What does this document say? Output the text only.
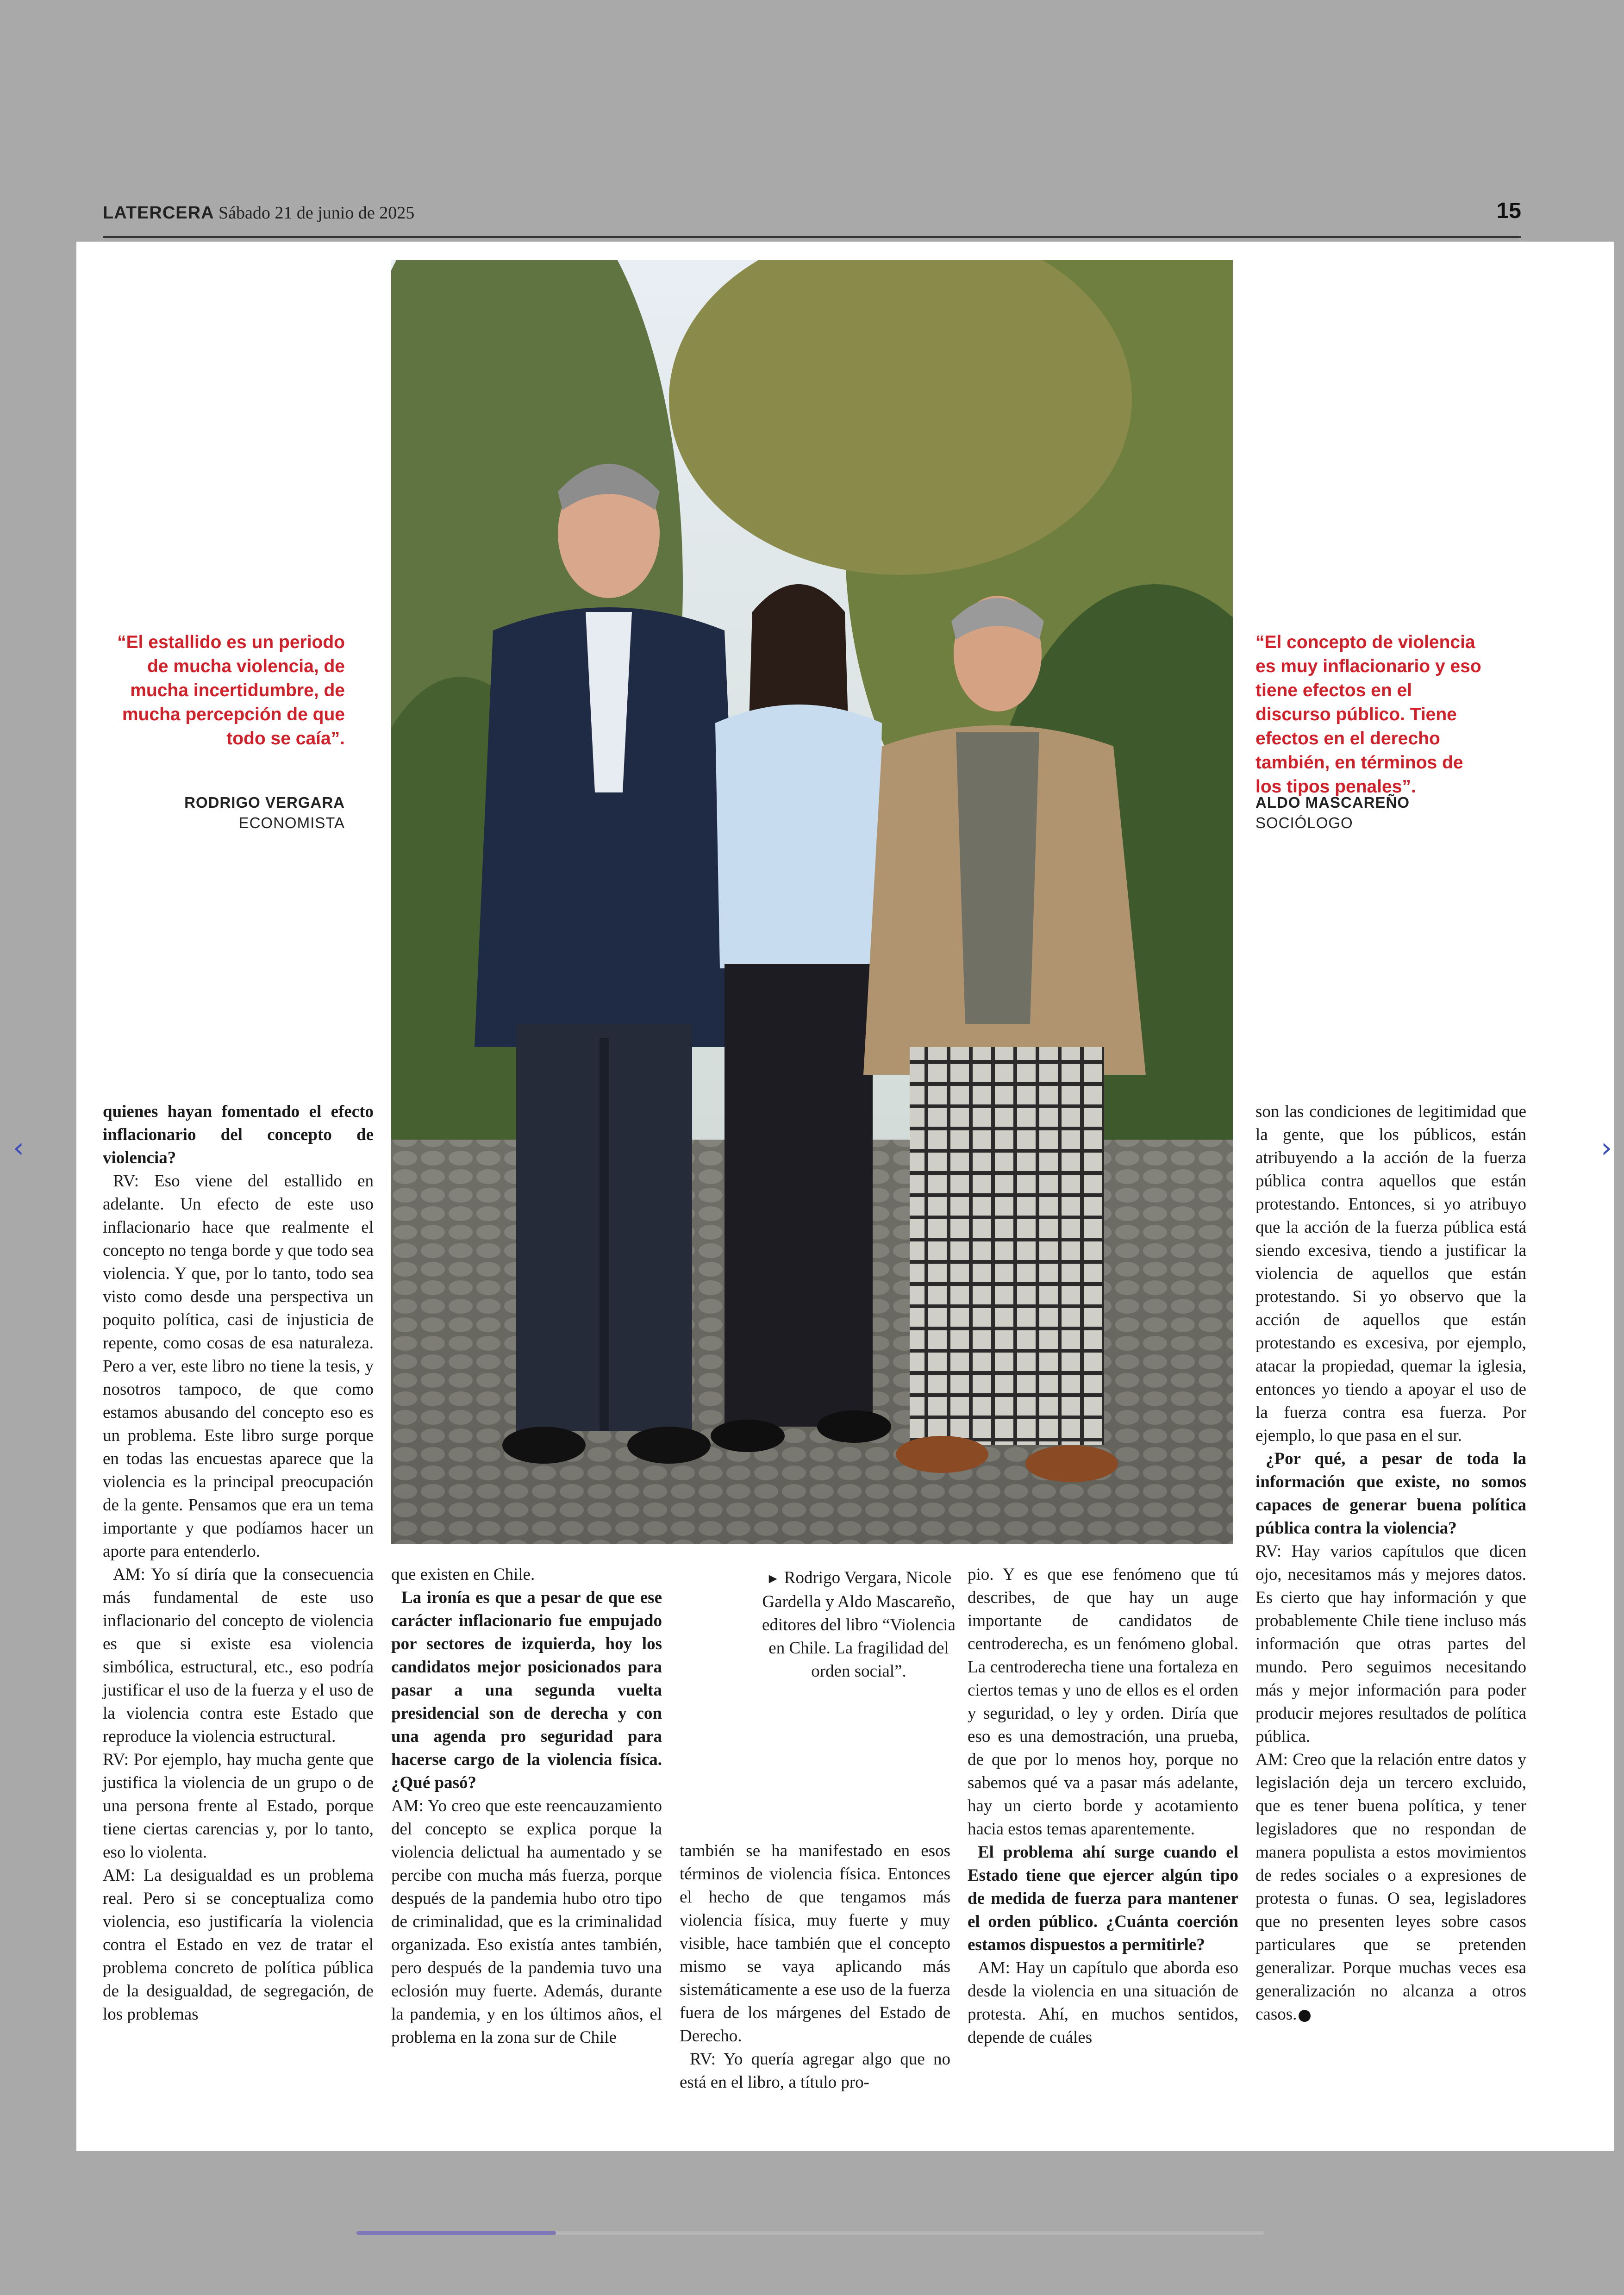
LATERCERA Sábado 21 de junio de 2025	15
“El estallido es un periodo de mucha violencia, de mucha incertidumbre, de mucha percepción de que todo se caía”.
RODRIGO VERGARA
ECONOMISTA
“El concepto de violencia es muy inflacionario y eso tiene efectos en el discurso público. Tiene efectos en el derecho también, en términos de los tipos penales”.
ALDO MASCAREÑO
SOCIÓLOGO

quienes hayan fomentado el efecto inflacionario del concepto de violencia?

RV: Eso viene del estallido en adelante. Un efecto de este uso inflacionario hace que realmente el concepto no tenga borde y que todo sea violencia. Y que, por lo tanto, todo sea visto como desde una perspectiva un poquito política, casi de injusticia de repente, como cosas de esa naturaleza. Pero a ver, este libro no tiene la tesis, y nosotros tampoco, de que como estamos abusando del concepto eso es un problema. Este libro surge porque en todas las encuestas aparece que la violencia es la principal preocupación de la gente. Pensamos que era un tema importante y que podíamos hacer un aporte para entenderlo.

AM: Yo sí diría que la consecuencia más fundamental de este uso inflacionario del concepto de violencia es que si existe esa violencia simbólica, estructural, etc., eso podría justificar el uso de la fuerza y el uso de la violencia contra este Estado que reproduce la violencia estructural.

RV: Por ejemplo, hay mucha gente que justifica la violencia de un grupo o de una persona frente al Estado, porque tiene ciertas carencias y, por lo tanto, eso lo violenta.

AM: La desigualdad es un problema real. Pero si se conceptualiza como violencia, eso justificaría la violencia contra el Estado en vez de tratar el problema concreto de política pública de la desigualdad, de segregación, de los problemas

que existen en Chile.

La ironía es que a pesar de que ese carácter inflacionario fue empujado por sectores de izquierda, hoy los candidatos mejor posicionados para pasar a una segunda vuelta presidencial son de derecha y con una agenda pro seguridad para hacerse cargo de la violencia física. ¿Qué pasó?

AM: Yo creo que este reencauzamiento del concepto se explica porque la violencia delictual ha aumentado y se percibe con mucha más fuerza, porque después de la pandemia hubo otro tipo de criminalidad, que es la criminalidad organizada. Eso existía antes también, pero después de la pandemia tuvo una eclosión muy fuerte. Además, durante la pandemia, y en los últimos años, el problema en la zona sur de Chile

► Rodrigo Vergara, Nicole Gardella y Aldo Mascareño, editores del libro “Violencia en Chile. La fragilidad del orden social”.

también se ha manifestado en esos términos de violencia física. Entonces el hecho de que tengamos más violencia física, muy fuerte y muy visible, hace también que el concepto mismo se vaya aplicando más sistemáticamente a ese uso de la fuerza fuera de los márgenes del Estado de Derecho.

RV: Yo quería agregar algo que no está en el libro, a título pro-

pio. Y es que ese fenómeno que tú describes, de que hay un auge importante de candidatos de centroderecha, es un fenómeno global. La centroderecha tiene una fortaleza en ciertos temas y uno de ellos es el orden y seguridad, o ley y orden. Diría que eso es una demostración, una prueba, de que por lo menos hoy, porque no sabemos qué va a pasar más adelante, hay un cierto borde y acotamiento hacia estos temas aparentemente.

El problema ahí surge cuando el Estado tiene que ejercer algún tipo de medida de fuerza para mantener el orden público. ¿Cuánta coerción estamos dispuestos a permitirle?

AM: Hay un capítulo que aborda eso desde la violencia en una situación de protesta. Ahí, en muchos sentidos, depende de cuáles

son las condiciones de legitimidad que la gente, que los públicos, están atribuyendo a la acción de la fuerza pública contra aquellos que están protestando. Entonces, si yo atribuyo que la acción de la fuerza pública está siendo excesiva, tiendo a justificar la violencia de aquellos que están protestando. Si yo observo que la acción de aquellos que están protestando es excesiva, por ejemplo, atacar la propiedad, quemar la iglesia, entonces yo tiendo a apoyar el uso de la fuerza contra esa fuerza. Por ejemplo, lo que pasa en el sur.

¿Por qué, a pesar de toda la información que existe, no somos capaces de generar buena política pública contra la violencia?

RV: Hay varios capítulos que dicen ojo, necesitamos más y mejores datos. Es cierto que hay información y que probablemente Chile tiene incluso más información que otras partes del mundo. Pero seguimos necesitando más y mejor información para poder producir mejores resultados de política pública.

AM: Creo que la relación entre datos y legislación deja un tercero excluido, que es tener buena política, y tener legisladores que no respondan de manera populista a estos movimientos de redes sociales o a expresiones de protesta o funas. O sea, legisladores que no presenten leyes sobre casos particulares que se pretenden generalizar. Porque muchas veces esa generalización no alcanza a otros casos.

‹	›
